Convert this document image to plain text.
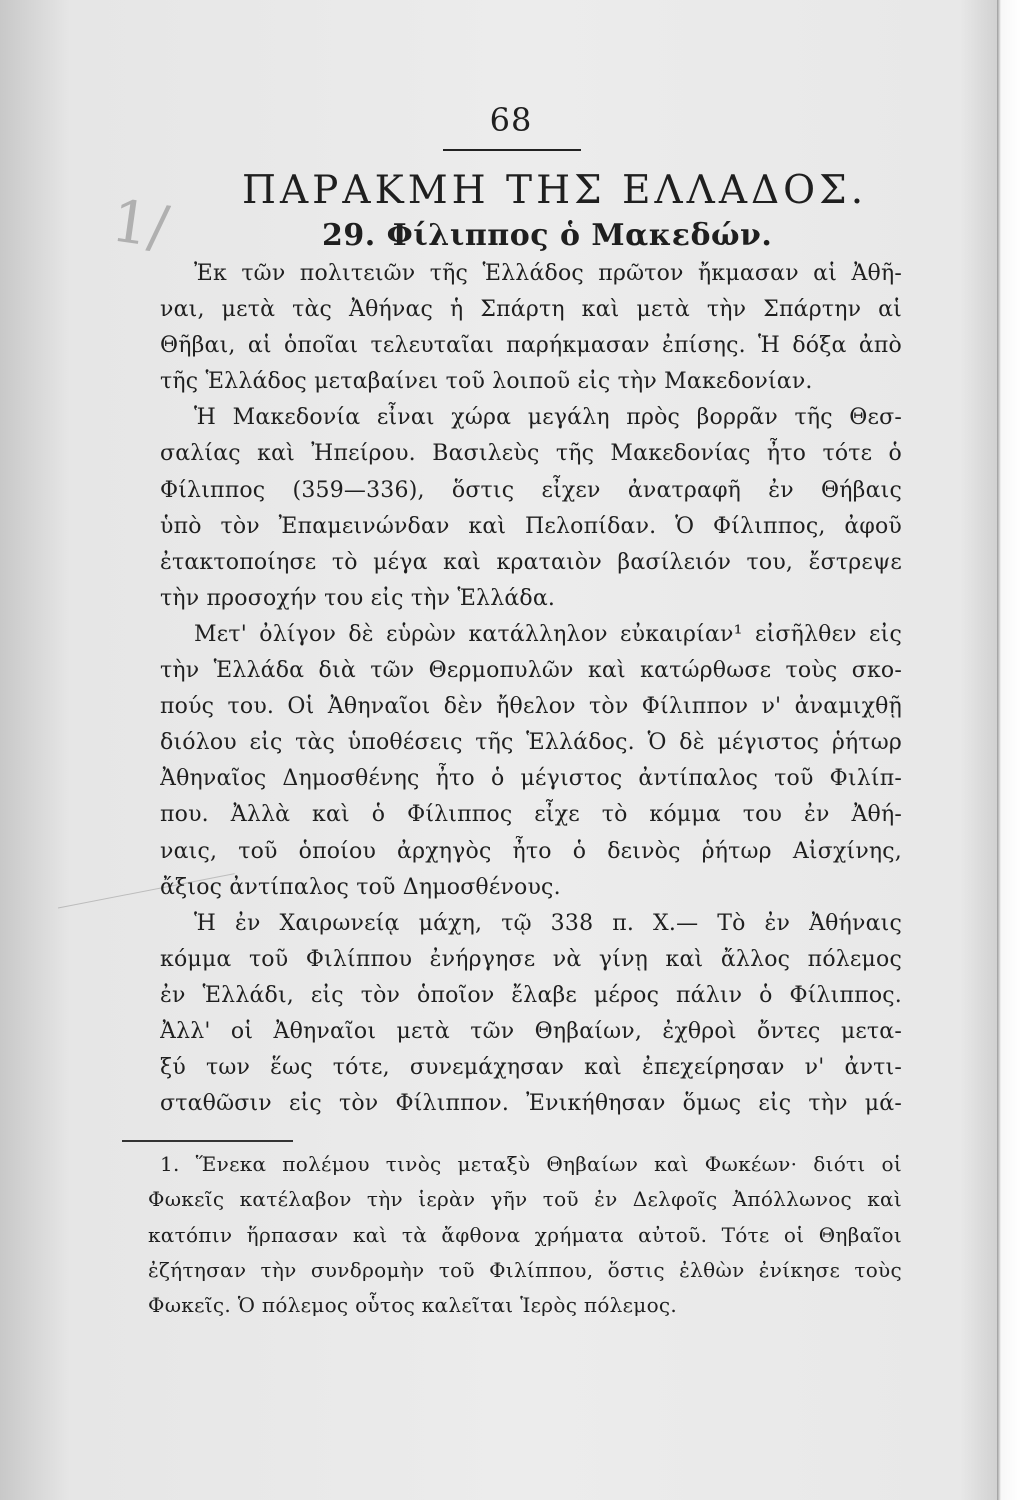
1/
68
ΠΑΡΑΚΜΗ ΤΗΣ ΕΛΛΑΔΟΣ.
29. Φίλιππος ὁ Μακεδών.
Ἐκ τῶν πολιτειῶν τῆς Ἑλλάδος πρῶτον ἤκμασαν αἱ Ἀθῆ-
ναι, μετὰ τὰς Ἀθήνας ἡ Σπάρτη καὶ μετὰ τὴν Σπάρτην αἱ
Θῆβαι, αἱ ὁποῖαι τελευταῖαι παρήκμασαν ἐπίσης. Ἡ δόξα ἀπὸ
τῆς Ἑλλάδος μεταβαίνει τοῦ λοιποῦ εἰς τὴν Μακεδονίαν.
Ἡ Μακεδονία εἶναι χώρα μεγάλη πρὸς βορρᾶν τῆς Θεσ-
σαλίας καὶ Ἠπείρου. Βασιλεὺς τῆς Μακεδονίας ἦτο τότε ὁ
Φίλιππος (359—336), ὅστις εἶχεν ἀνατραφῆ ἐν Θήβαις
ὑπὸ τὸν Ἐπαμεινώνδαν καὶ Πελοπίδαν. Ὁ Φίλιππος, ἀφοῦ
ἐτακτοποίησε τὸ μέγα καὶ κραταιὸν βασίλειόν του, ἔστρεψε
τὴν προσοχήν του εἰς τὴν Ἑλλάδα.
Μετ' ὀλίγον δὲ εὑρὼν κατάλληλον εὐκαιρίαν¹ εἰσῆλθεν εἰς
τὴν Ἑλλάδα διὰ τῶν Θερμοπυλῶν καὶ κατώρθωσε τοὺς σκο-
πούς του. Οἱ Ἀθηναῖοι δὲν ἤθελον τὸν Φίλιππον ν' ἀναμιχθῇ
διόλου εἰς τὰς ὑποθέσεις τῆς Ἑλλάδος. Ὁ δὲ μέγιστος ῥήτωρ
Ἀθηναῖος Δημοσθένης ἦτο ὁ μέγιστος ἀντίπαλος τοῦ Φιλίπ-
που. Ἀλλὰ καὶ ὁ Φίλιππος εἶχε τὸ κόμμα του ἐν Ἀθή-
ναις, τοῦ ὁποίου ἀρχηγὸς ἦτο ὁ δεινὸς ῥήτωρ Αἰσχίνης,
ἄξιος ἀντίπαλος τοῦ Δημοσθένους.
Ἡ ἐν Χαιρωνείᾳ μάχη, τῷ 338 π. Χ.— Τὸ ἐν Ἀθήναις
κόμμα τοῦ Φιλίππου ἐνήργησε νὰ γίνῃ καὶ ἄλλος πόλεμος
ἐν Ἑλλάδι, εἰς τὸν ὁποῖον ἔλαβε μέρος πάλιν ὁ Φίλιππος.
Ἀλλ' οἱ Ἀθηναῖοι μετὰ τῶν Θηβαίων, ἐχθροὶ ὄντες μετα-
ξύ των ἕως τότε, συνεμάχησαν καὶ ἐπεχείρησαν ν' ἀντι-
σταθῶσιν εἰς τὸν Φίλιππον. Ἐνικήθησαν ὅμως εἰς τὴν μά-
1. Ἕνεκα πολέμου τινὸς μεταξὺ Θηβαίων καὶ Φωκέων· διότι οἱ
Φωκεῖς κατέλαβον τὴν ἱερὰν γῆν τοῦ ἐν Δελφοῖς Ἀπόλλωνος καὶ
κατόπιν ἥρπασαν καὶ τὰ ἄφθονα χρήματα αὐτοῦ. Τότε οἱ Θηβαῖοι
ἐζήτησαν τὴν συνδρομὴν τοῦ Φιλίππου, ὅστις ἐλθὼν ἐνίκησε τοὺς
Φωκεῖς. Ὁ πόλεμος οὗτος καλεῖται Ἱερὸς πόλεμος.
